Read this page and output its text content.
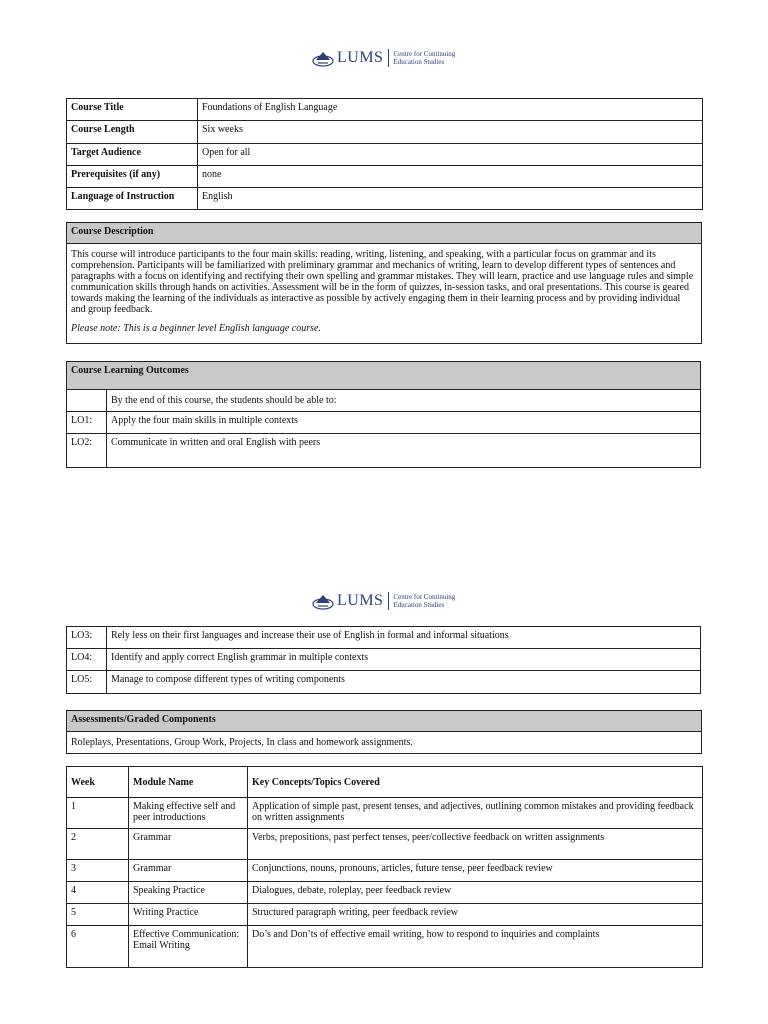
LUMS Centre for Continuing
Education Studies
Course Title	Foundations of English Language
Course Length	Six weeks
Target Audience	Open for all
Prerequisites (if any)	none
Language of Instruction	English
Course Description

This course will introduce participants to the four main skills: reading, writing, listening, and speaking, with a particular focus on grammar and its comprehension. Participants will be familiarized with preliminary grammar and mechanics of writing, learn to develop different types of sentences and paragraphs with a focus on identifying and rectifying their own spelling and grammar mistakes. They will learn, practice and use language rules and simple communication skills through hands on activities. Assessment will be in the form of quizzes, in-session tasks, and oral presentations. This course is geared towards making the learning of the individuals as interactive as possible by actively engaging them in their learning process and by providing individual and group feedback.

Please note: This is a beginner level English language course.

Course Learning Outcomes	
	By the end of this course, the students should be able to:
LO1:	Apply the four main skills in multiple contexts
LO2:	Communicate in written and oral English with peers
LUMS Centre for Continuing
Education Studies
LO3:	Rely less on their first languages and increase their use of English in formal and informal situations
LO4:	Identify and apply correct English grammar in multiple contexts
LO5:	Manage to compose different types of writing components
Assessments/Graded Components
Roleplays, Presentations, Group Work, Projects, In class and homework assignments.
Week	Module Name	Key Concepts/Topics Covered
1	Making effective self and peer introductions	Application of simple past, present tenses, and adjectives, outlining common mistakes and providing feedback on written assignments
2	Grammar	Verbs, prepositions, past perfect tenses, peer/collective feedback on written assignments
3	Grammar	Conjunctions, nouns, pronouns, articles, future tense, peer feedback review
4	Speaking Practice	Dialogues, debate, roleplay, peer feedback review
5	Writing Practice	Structured paragraph writing, peer feedback review
6	Effective Communication: Email Writing	Do’s and Don’ts of effective email writing, how to respond to inquiries and complaints
